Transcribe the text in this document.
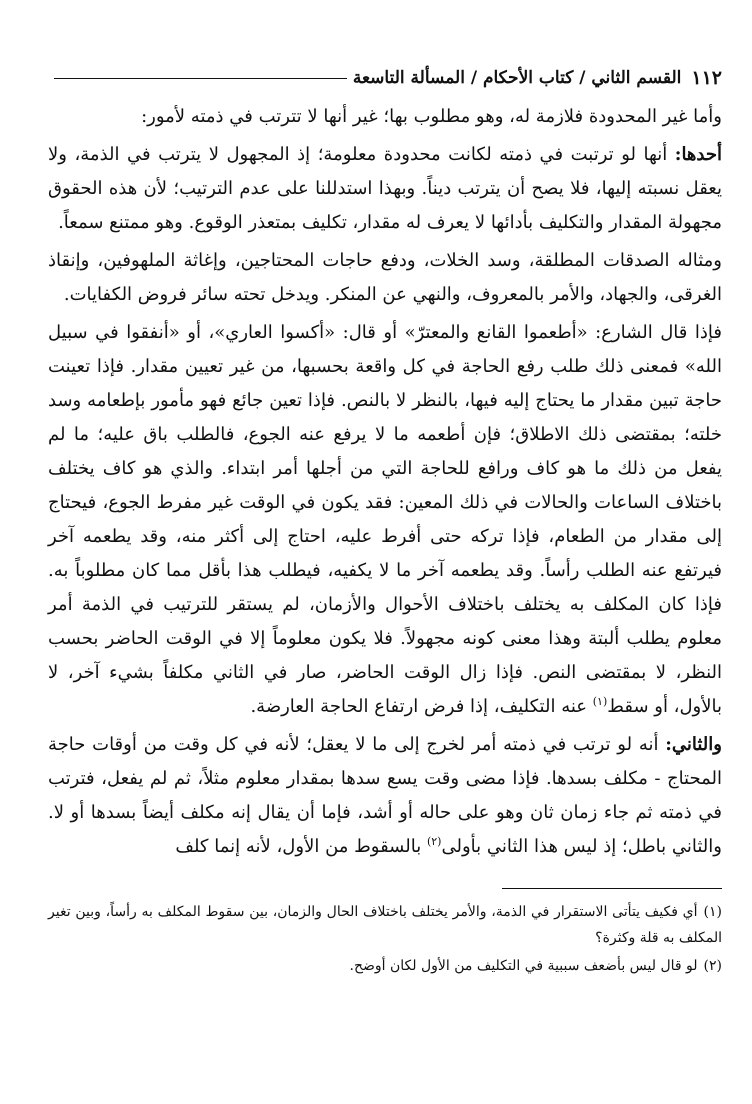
١١٢
القسم الثاني / كتاب الأحكام / المسألة التاسعة

وأما غير المحدودة فلازمة له، وهو مطلوب بها؛ غير أنها لا تترتب في ذمته لأمور:

أحدها: أنها لو ترتبت في ذمته لكانت محدودة معلومة؛ إذ المجهول لا يترتب في الذمة، ولا يعقل نسبته إليها، فلا يصح أن يترتب ديناً. وبهذا استدللنا على عدم الترتيب؛ لأن هذه الحقوق مجهولة المقدار والتكليف بأدائها لا يعرف له مقدار، تكليف بمتعذر الوقوع. وهو ممتنع سمعاً.

ومثاله الصدقات المطلقة، وسد الخلات، ودفع حاجات المحتاجين، وإغاثة الملهوفين، وإنقاذ الغرقى، والجهاد، والأمر بالمعروف، والنهي عن المنكر. ويدخل تحته سائر فروض الكفايات.

فإذا قال الشارع: «أطعموا القانع والمعترّ» أو قال: «أكسوا العاري»، أو «أنفقوا في سبيل الله» فمعنى ذلك طلب رفع الحاجة في كل واقعة بحسبها، من غير تعيين مقدار. فإذا تعينت حاجة تبين مقدار ما يحتاج إليه فيها، بالنظر لا بالنص. فإذا تعين جائع فهو مأمور بإطعامه وسد خلته؛ بمقتضى ذلك الاطلاق؛ فإن أطعمه ما لا يرفع عنه الجوع، فالطلب باق عليه؛ ما لم يفعل من ذلك ما هو كاف ورافع للحاجة التي من أجلها أمر ابتداء. والذي هو كاف يختلف باختلاف الساعات والحالات في ذلك المعين: فقد يكون في الوقت غير مفرط الجوع، فيحتاج إلى مقدار من الطعام، فإذا تركه حتى أفرط عليه، احتاج إلى أكثر منه، وقد يطعمه آخر فيرتفع عنه الطلب رأساً. وقد يطعمه آخر ما لا يكفيه، فيطلب هذا بأقل مما كان مطلوباً به. فإذا كان المكلف به يختلف باختلاف الأحوال والأزمان، لم يستقر للترتيب في الذمة أمر معلوم يطلب ألبتة وهذا معنى كونه مجهولاً. فلا يكون معلوماً إلا في الوقت الحاضر بحسب النظر، لا بمقتضى النص. فإذا زال الوقت الحاضر، صار في الثاني مكلفاً بشيء آخر، لا بالأول، أو سقط$^{(١)}$ عنه التكليف، إذا فرض ارتفاع الحاجة العارضة.

والثاني: أنه لو ترتب في ذمته أمر لخرج إلى ما لا يعقل؛ لأنه في كل وقت من أوقات حاجة المحتاج - مكلف بسدها. فإذا مضى وقت يسع سدها بمقدار معلوم مثلاً، ثم لم يفعل، فترتب في ذمته ثم جاء زمان ثان وهو على حاله أو أشد، فإما أن يقال إنه مكلف أيضاً بسدها أو لا. والثاني باطل؛ إذ ليس هذا الثاني بأولى$^{(٢)}$ بالسقوط من الأول، لأنه إنما كلف

(١)أي فكيف يتأتى الاستقرار في الذمة، والأمر يختلف باختلاف الحال والزمان، بين سقوط المكلف به رأساً، وبين تغير المكلف به قلة وكثرة؟

(٢)لو قال ليس بأضعف سببية في التكليف من الأول لكان أوضح.
